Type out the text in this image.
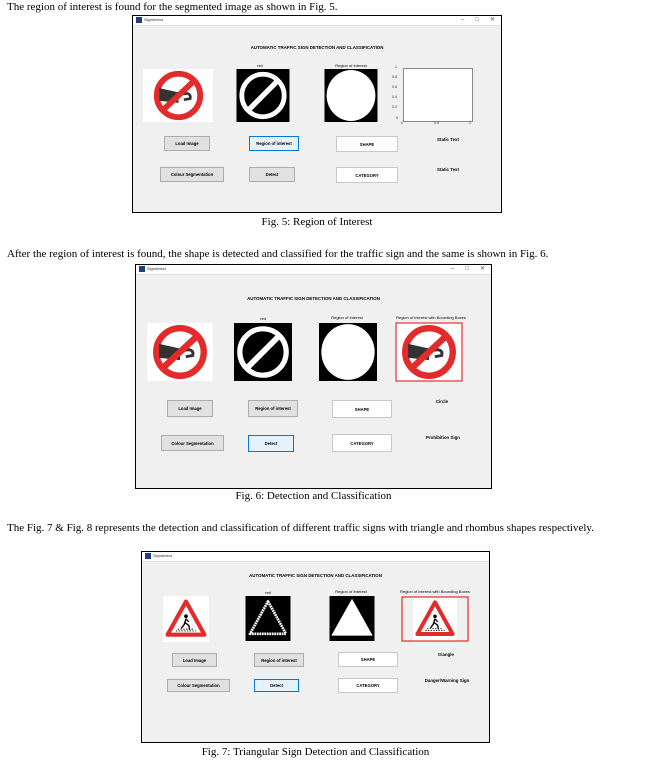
The region of interest is found for the segmented image as shown in Fig. 5.

Signdetect	– □ ✕
AUTOMATIC TRAFFIC SIGN DETECTION AND CLASSIFICATION
red	Region of Interest	1
0.8
0.6
0.4
0.2
0
0	0.5	1
Load Image	Region of interest	SHAPE
Static Text
Colour Segmentation	Detect	CATEGORY
Static Text
Fig. 5: Region of Interest

After the region of interest is found, the shape is detected and classified for the traffic sign and the same is shown in Fig. 6.

Signdetect	– □ ✕
AUTOMATIC TRAFFIC SIGN DETECTION AND CLASSIFICATION
red	Region of Interest	Region of interest with Bounding Boxes
Load Image	Region of interest	SHAPE
Circle
Colour Segmentation	Detect	CATEGORY
Prohibition Sign
Fig. 6: Detection and Classification

The Fig. 7 & Fig. 8 represents the detection and classification of different traffic signs with triangle and rhombus shapes respectively.

Signdetect
AUTOMATIC TRAFFIC SIGN DETECTION AND CLASSIFICATION
red	Region of Interest	Region of interest with Bounding Boxes
Load Image	Region of interest	SHAPE
triangle
Colour Segmentation	Detect	CATEGORY
Danger/Warning Sign
Fig. 7: Triangular Sign Detection and Classification
